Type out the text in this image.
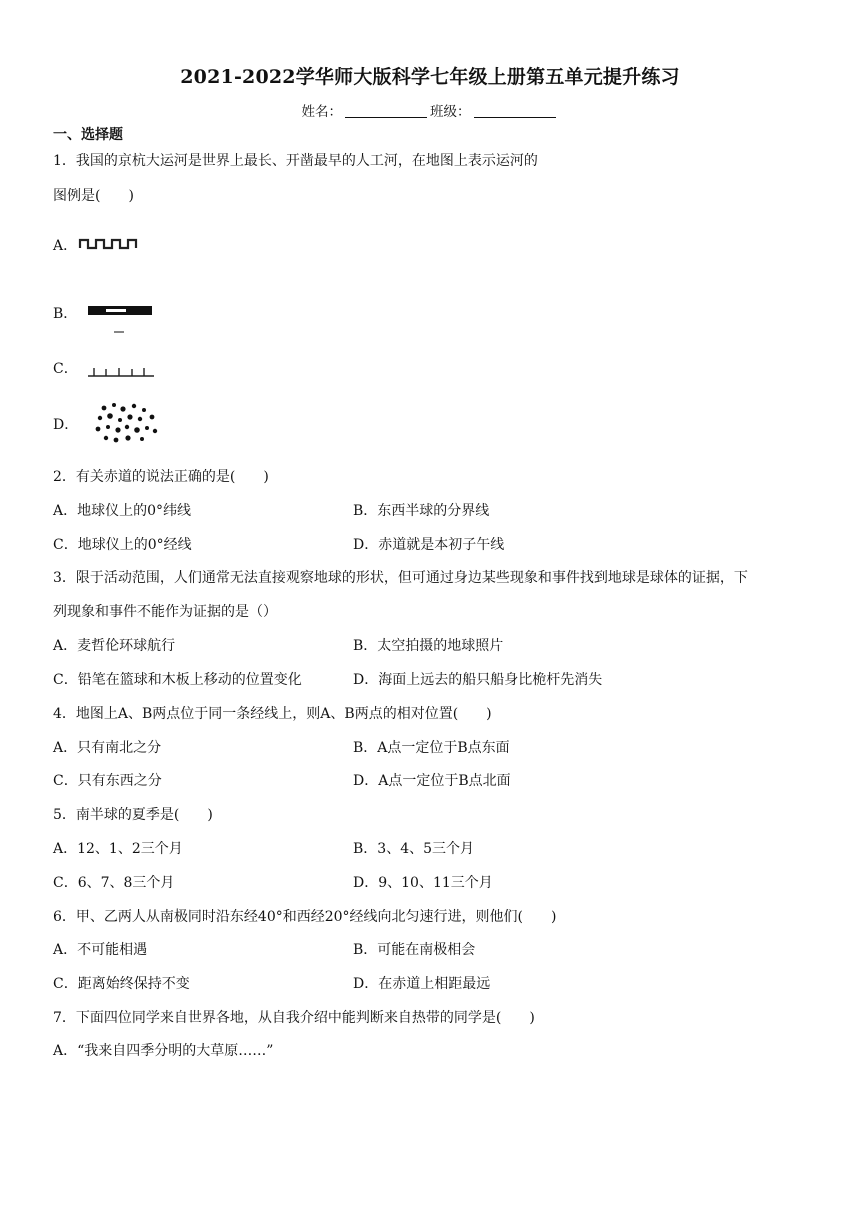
2021-2022学华师大版科学七年级上册第五单元提升练习
姓名：	班级：
一、选择题
1．我国的京杭大运河是世界上最长、开凿最早的人工河，在地图上表示运河的
图例是(　　)
A．
B．
C．
D．
2．有关赤道的说法正确的是(　　)
A．地球仪上的0°纬线	B．东西半球的分界线
C．地球仪上的0°经线	D．赤道就是本初子午线
3．限于活动范围，人们通常无法直接观察地球的形状，但可通过身边某些现象和事件找到地球是球体的证据，下
列现象和事件不能作为证据的是（）
A．麦哲伦环球航行	B．太空拍摄的地球照片
C．铅笔在篮球和木板上移动的位置变化	D．海面上远去的船只船身比桅杆先消失
4．地图上A、B两点位于同一条经线上，则A、B两点的相对位置(　　)
A．只有南北之分	B．A点一定位于B点东面
C．只有东西之分	D．A点一定位于B点北面
5．南半球的夏季是(　　)
A．12、1、2三个月	B．3、4、5三个月
C．6、7、8三个月	D．9、10、11三个月
6．甲、乙两人从南极同时沿东经40°和西经20°经线向北匀速行进，则他们(　　)
A．不可能相遇	B．可能在南极相会
C．距离始终保持不变	D．在赤道上相距最远
7．下面四位同学来自世界各地，从自我介绍中能判断来自热带的同学是(　　)
A．“我来自四季分明的大草原……”
